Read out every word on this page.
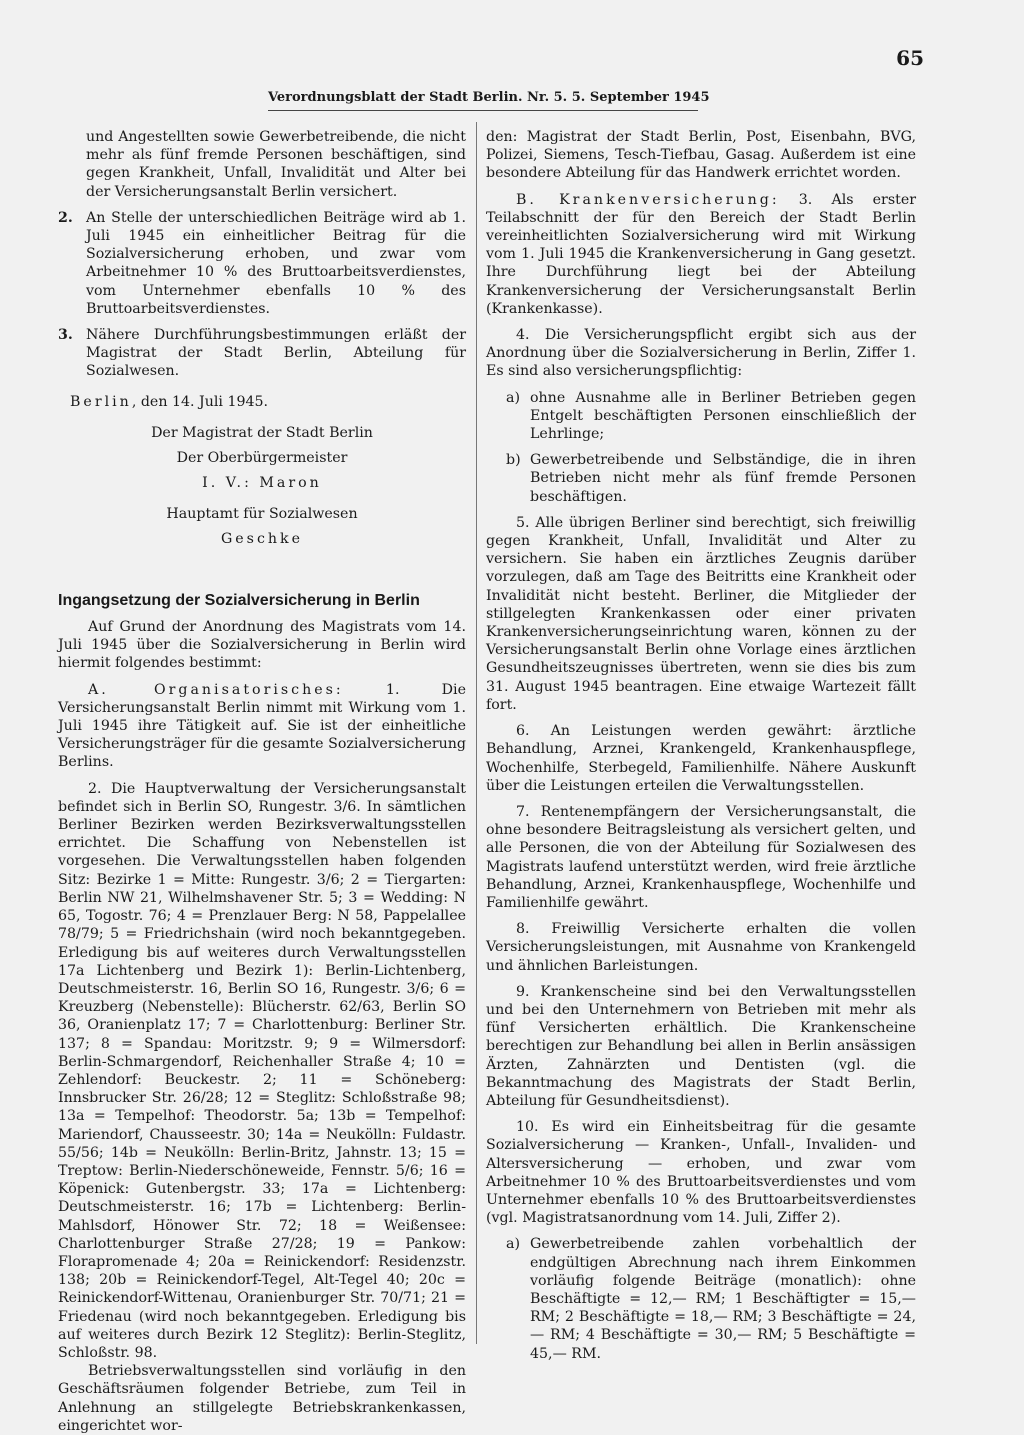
65
Verordnungsblatt der Stadt Berlin. Nr. 5. 5. September 1945

und Angestellten sowie Gewerbetreibende, die nicht mehr als fünf fremde Personen beschäftigen, sind gegen Krankheit, Unfall, Invalidität und Alter bei der Versicherungsanstalt Berlin versichert.

2. An Stelle der unterschiedlichen Beiträge wird ab 1. Juli 1945 ein einheitlicher Beitrag für die Sozialversicherung erhoben, und zwar vom Arbeitnehmer 10 % des Bruttoarbeitsverdienstes, vom Unternehmer ebenfalls 10 % des Bruttoarbeitsverdienstes.
3. Nähere Durchführungsbestimmungen erläßt der Magistrat der Stadt Berlin, Abteilung für Sozialwesen.

Berlin, den 14. Juli 1945.

Der Magistrat der Stadt Berlin
Der Oberbürgermeister
I. V.: Maron
Hauptamt für Sozialwesen
Geschke
Ingangsetzung der Sozialversicherung in Berlin

Auf Grund der Anordnung des Magistrats vom 14. Juli 1945 über die Sozialversicherung in Berlin wird hiermit folgendes bestimmt:

A. Organisatorisches: 1. Die Versicherungsanstalt Berlin nimmt mit Wirkung vom 1. Juli 1945 ihre Tätigkeit auf. Sie ist der einheitliche Versicherungsträger für die gesamte Sozialversicherung Berlins.

2. Die Hauptverwaltung der Versicherungsanstalt befindet sich in Berlin SO, Rungestr. 3/6. In sämtlichen Berliner Bezirken werden Bezirksverwaltungsstellen errichtet. Die Schaffung von Nebenstellen ist vorgesehen. Die Verwaltungsstellen haben folgenden Sitz: Bezirke 1 = Mitte: Rungestr. 3/6; 2 = Tiergarten: Berlin NW 21, Wilhelmshavener Str. 5; 3 = Wedding: N 65, Togostr. 76; 4 = Prenzlauer Berg: N 58, Pappelallee 78/79; 5 = Friedrichshain (wird noch bekanntgegeben. Erledigung bis auf weiteres durch Verwaltungsstellen 17a Lichtenberg und Bezirk 1): Berlin-Lichtenberg, Deutschmeisterstr. 16, Berlin SO 16, Rungestr. 3/6; 6 = Kreuzberg (Nebenstelle): Blücherstr. 62/63, Berlin SO 36, Oranienplatz 17; 7 = Charlottenburg: Berliner Str. 137; 8 = Spandau: Moritzstr. 9; 9 = Wilmersdorf: Berlin-Schmargendorf, Reichenhaller Straße 4; 10 = Zehlendorf: Beuckestr. 2; 11 = Schöneberg: Innsbrucker Str. 26/28; 12 = Steglitz: Schloßstraße 98; 13a = Tempelhof: Theodorstr. 5a; 13b = Tempelhof: Mariendorf, Chausseestr. 30; 14a = Neukölln: Fuldastr. 55/56; 14b = Neukölln: Berlin-Britz, Jahnstr. 13; 15 = Treptow: Berlin-Niederschöneweide, Fennstr. 5/6; 16 = Köpenick: Gutenbergstr. 33; 17a = Lichtenberg: Deutschmeisterstr. 16; 17b = Lichtenberg: Berlin-Mahlsdorf, Hönower Str. 72; 18 = Weißensee: Charlottenburger Straße 27/28; 19 = Pankow: Florapromenade 4; 20a = Reinickendorf: Residenzstr. 138; 20b = Reinickendorf-Tegel, Alt-Tegel 40; 20c = Reinickendorf-Wittenau, Oranienburger Str. 70/71; 21 = Friedenau (wird noch bekanntgegeben. Erledigung bis auf weiteres durch Bezirk 12 Steglitz): Berlin-Steglitz, Schloßstr. 98.

Betriebsverwaltungsstellen sind vorläufig in den Geschäftsräumen folgender Betriebe, zum Teil in Anlehnung an stillgelegte Betriebskrankenkassen, eingerichtet wor-

den: Magistrat der Stadt Berlin, Post, Eisenbahn, BVG, Polizei, Siemens, Tesch-Tiefbau, Gasag. Außerdem ist eine besondere Abteilung für das Handwerk errichtet worden.

B. Krankenversicherung: 3. Als erster Teilabschnitt der für den Bereich der Stadt Berlin vereinheitlichten Sozialversicherung wird mit Wirkung vom 1. Juli 1945 die Krankenversicherung in Gang gesetzt. Ihre Durchführung liegt bei der Abteilung Krankenversicherung der Versicherungsanstalt Berlin (Krankenkasse).

4. Die Versicherungspflicht ergibt sich aus der Anordnung über die Sozialversicherung in Berlin, Ziffer 1. Es sind also versicherungspflichtig:

a) ohne Ausnahme alle in Berliner Betrieben gegen Entgelt beschäftigten Personen einschließlich der Lehrlinge;
b) Gewerbetreibende und Selbständige, die in ihren Betrieben nicht mehr als fünf fremde Personen beschäftigen.

5. Alle übrigen Berliner sind berechtigt, sich freiwillig gegen Krankheit, Unfall, Invalidität und Alter zu versichern. Sie haben ein ärztliches Zeugnis darüber vorzulegen, daß am Tage des Beitritts eine Krankheit oder Invalidität nicht besteht. Berliner, die Mitglieder der stillgelegten Krankenkassen oder einer privaten Krankenversicherungseinrichtung waren, können zu der Versicherungsanstalt Berlin ohne Vorlage eines ärztlichen Gesundheitszeugnisses übertreten, wenn sie dies bis zum 31. August 1945 beantragen. Eine etwaige Wartezeit fällt fort.

6. An Leistungen werden gewährt: ärztliche Behandlung, Arznei, Krankengeld, Krankenhauspflege, Wochenhilfe, Sterbegeld, Familienhilfe. Nähere Auskunft über die Leistungen erteilen die Verwaltungsstellen.

7. Rentenempfängern der Versicherungsanstalt, die ohne besondere Beitragsleistung als versichert gelten, und alle Personen, die von der Abteilung für Sozialwesen des Magistrats laufend unterstützt werden, wird freie ärztliche Behandlung, Arznei, Krankenhauspflege, Wochenhilfe und Familienhilfe gewährt.

8. Freiwillig Versicherte erhalten die vollen Versicherungsleistungen, mit Ausnahme von Krankengeld und ähnlichen Barleistungen.

9. Krankenscheine sind bei den Verwaltungsstellen und bei den Unternehmern von Betrieben mit mehr als fünf Versicherten erhältlich. Die Krankenscheine berechtigen zur Behandlung bei allen in Berlin ansässigen Ärzten, Zahnärzten und Dentisten (vgl. die Bekanntmachung des Magistrats der Stadt Berlin, Abteilung für Gesundheitsdienst).

10. Es wird ein Einheitsbeitrag für die gesamte Sozialversicherung — Kranken-, Unfall-, Invaliden- und Altersversicherung — erhoben, und zwar vom Arbeitnehmer 10 % des Bruttoarbeitsverdienstes und vom Unternehmer ebenfalls 10 % des Bruttoarbeitsverdienstes (vgl. Magistratsanordnung vom 14. Juli, Ziffer 2).

a) Gewerbetreibende zahlen vorbehaltlich der endgültigen Abrechnung nach ihrem Einkommen vorläufig folgende Beiträge (monatlich): ohne Beschäftigte = 12,— RM; 1 Beschäftigter = 15,— RM; 2 Beschäftigte = 18,— RM; 3 Beschäftigte = 24,— RM; 4 Beschäftigte = 30,— RM; 5 Beschäftigte = 45,— RM.
